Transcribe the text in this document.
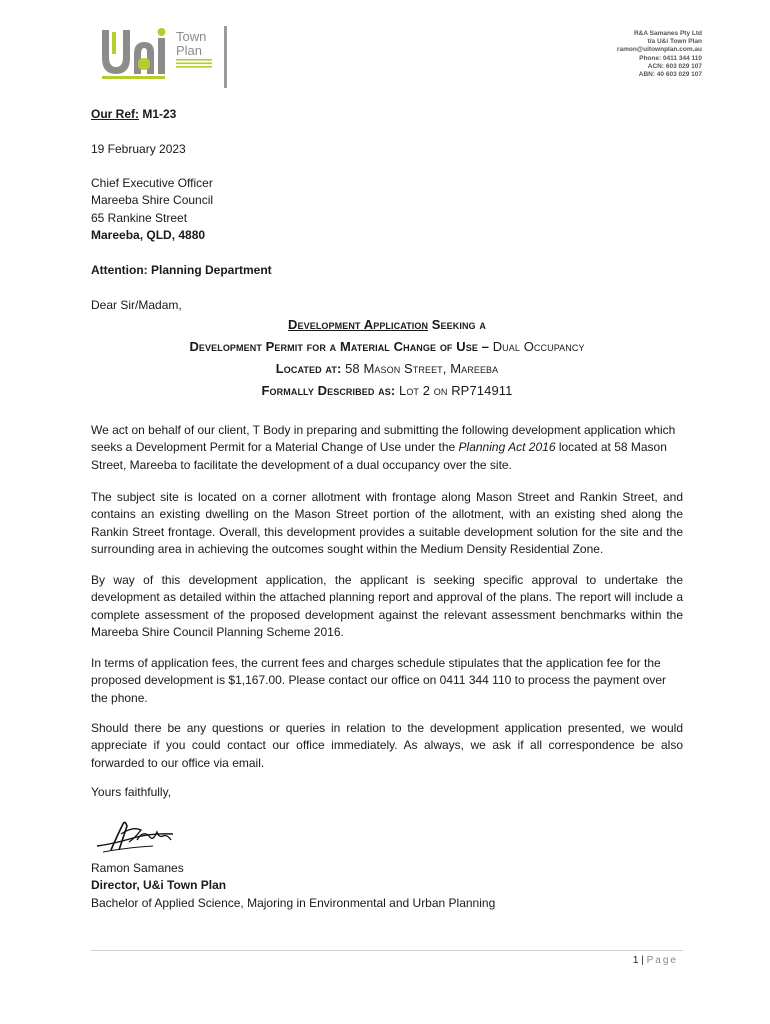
Town
Plan
R&A Samanes Pty Ltd
t/a U&i Town Plan
ramon@uitownplan.com.au
Phone: 0411 344 110
ACN: 603 029 107
ABN: 40 603 029 107
Our Ref: M1-23
19 February 2023
Chief Executive Officer
Mareeba Shire Council
65 Rankine Street
Mareeba, QLD, 4880
Attention: Planning Department
Dear Sir/Madam,
Development Application Seeking a
Development Permit for a Material Change of Use – Dual Occupancy
Located at: 58 Mason Street, Mareeba
Formally Described as: Lot 2 on RP714911
We act on behalf of our client, T Body in preparing and submitting the following development application which seeks a Development Permit for a Material Change of Use under the Planning Act 2016 located at 58 Mason Street, Mareeba to facilitate the development of a dual occupancy over the site.
The subject site is located on a corner allotment with frontage along Mason Street and Rankin Street, and contains an existing dwelling on the Mason Street portion of the allotment, with an existing shed along the Rankin Street frontage. Overall, this development provides a suitable development solution for the site and the surrounding area in achieving the outcomes sought within the Medium Density Residential Zone.
By way of this development application, the applicant is seeking specific approval to undertake the development as detailed within the attached planning report and approval of the plans. The report will include a complete assessment of the proposed development against the relevant assessment benchmarks within the Mareeba Shire Council Planning Scheme 2016.
In terms of application fees, the current fees and charges schedule stipulates that the application fee for the proposed development is $1,167.00. Please contact our office on 0411 344 110 to process the payment over the phone.
Should there be any questions or queries in relation to the development application presented, we would appreciate if you could contact our office immediately. As always, we ask if all correspondence be also forwarded to our office via email.
Yours faithfully,
Ramon Samanes
Director, U&i Town Plan
Bachelor of Applied Science, Majoring in Environmental and Urban Planning
1 | Page
